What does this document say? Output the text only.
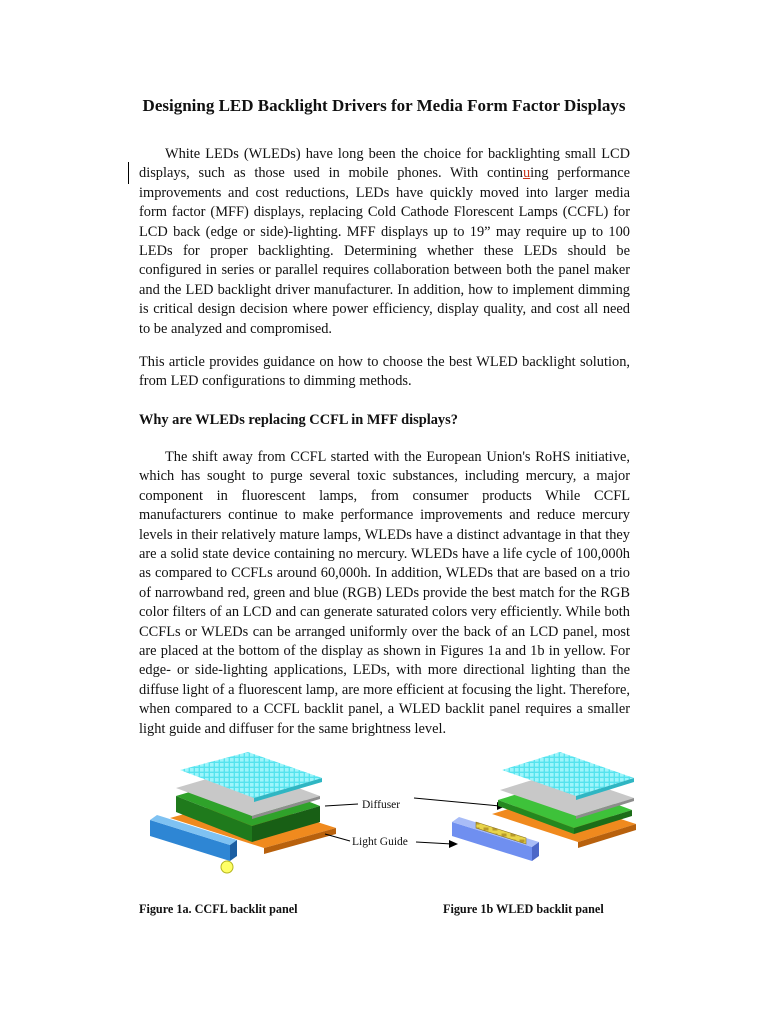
Designing LED Backlight Drivers for Media Form Factor Displays

White LEDs (WLEDs) have long been the choice for backlighting small LCD displays, such as those used in mobile phones. With continuing performance improvements and cost reductions, LEDs have quickly moved into larger media form factor (MFF) displays, replacing Cold Cathode Florescent Lamps (CCFL) for LCD back (edge or side)-lighting. MFF displays up to 19” may require up to 100 LEDs for proper backlighting. Determining whether these LEDs should be configured in series or parallel requires collaboration between both the panel maker and the LED backlight driver manufacturer. In addition, how to implement dimming is critical design decision where power efficiency, display quality, and cost all need to be analyzed and compromised.

This article provides guidance on how to choose the best WLED backlight solution, from LED configurations to dimming methods.

Why are WLEDs replacing CCFL in MFF displays?

The shift away from CCFL started with the European Union's RoHS initiative, which has sought to purge several toxic substances, including mercury, a major component in fluorescent lamps, from consumer products While CCFL manufacturers continue to make performance improvements and reduce mercury levels in their relatively mature lamps, WLEDs have a distinct advantage in that they are a solid state device containing no mercury. WLEDs have a life cycle of 100,000h as compared to CCFLs around 60,000h. In addition, WLEDs that are based on a trio of narrowband red, green and blue (RGB) LEDs provide the best match for the RGB color filters of an LCD and can generate saturated colors very efficiently. While both CCFLs or WLEDs can be arranged uniformly over the back of an LCD panel, most are placed at the bottom of the display as shown in Figures 1a and 1b in yellow. For edge- or side-lighting applications, LEDs, with more directional lighting than the diffuse light of a fluorescent lamp, are more efficient at focusing the light. Therefore, when compared to a CCFL backlit panel, a WLED backlit panel requires a smaller light guide and diffuser for the same brightness level.

Diffuser
Light Guide

Figure 1a. CCFL backlit panel	Figure 1b WLED backlit panel
